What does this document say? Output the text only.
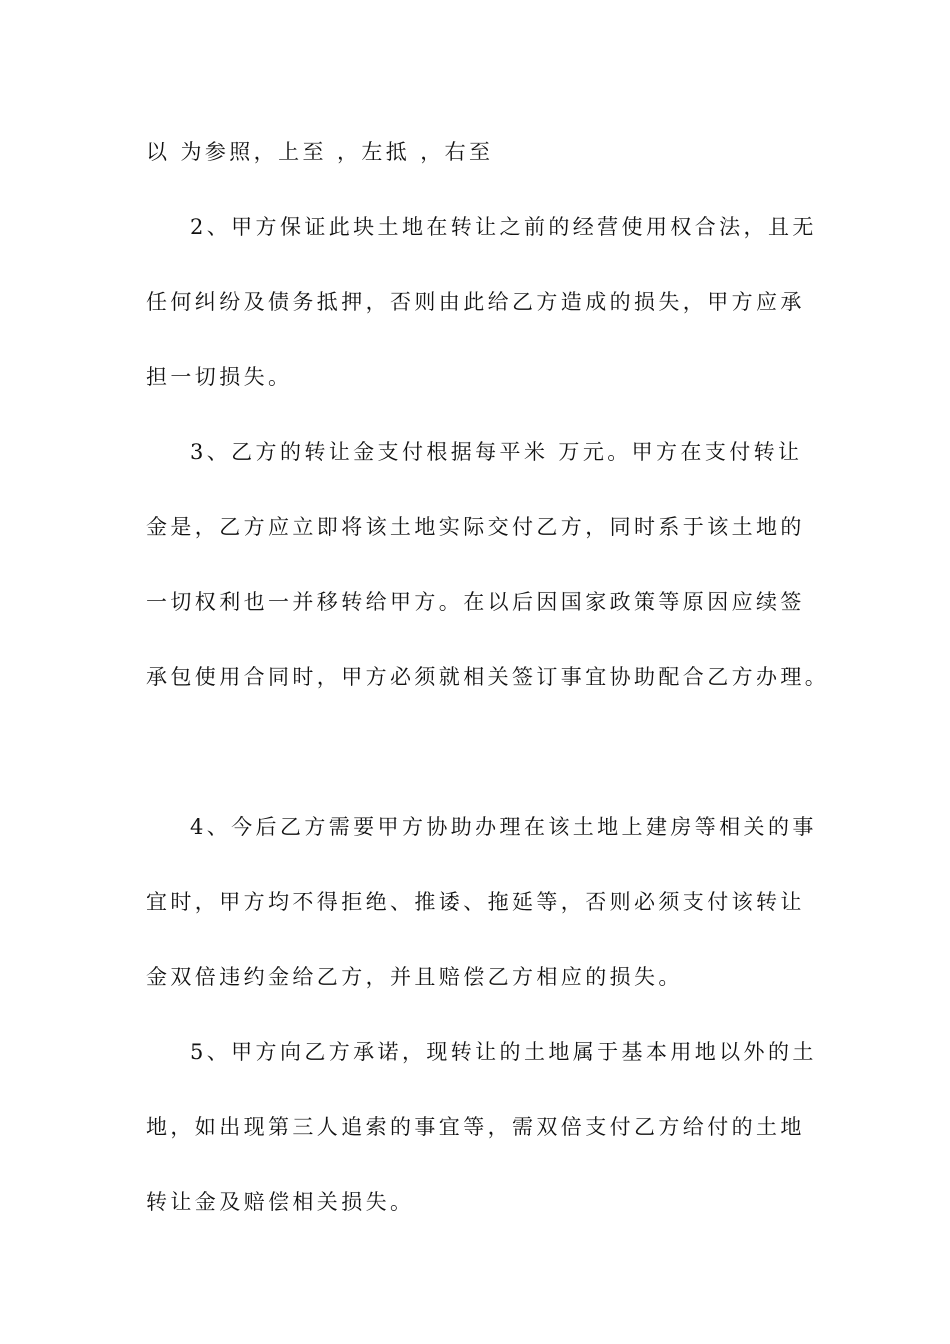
以 为参照，上至 ，左抵 ，右至

2、甲方保证此块土地在转让之前的经营使用权合法，且无

任何纠纷及债务抵押，否则由此给乙方造成的损失，甲方应承

担一切损失。

3、乙方的转让金支付根据每平米 万元。甲方在支付转让

金是，乙方应立即将该土地实际交付乙方，同时系于该土地的

一切权利也一并移转给甲方。在以后因国家政策等原因应续签

承包使用合同时，甲方必须就相关签订事宜协助配合乙方办理。

4、今后乙方需要甲方协助办理在该土地上建房等相关的事

宜时，甲方均不得拒绝、推诿、拖延等，否则必须支付该转让

金双倍违约金给乙方，并且赔偿乙方相应的损失。

5、甲方向乙方承诺，现转让的土地属于基本用地以外的土

地，如出现第三人追索的事宜等，需双倍支付乙方给付的土地

转让金及赔偿相关损失。
